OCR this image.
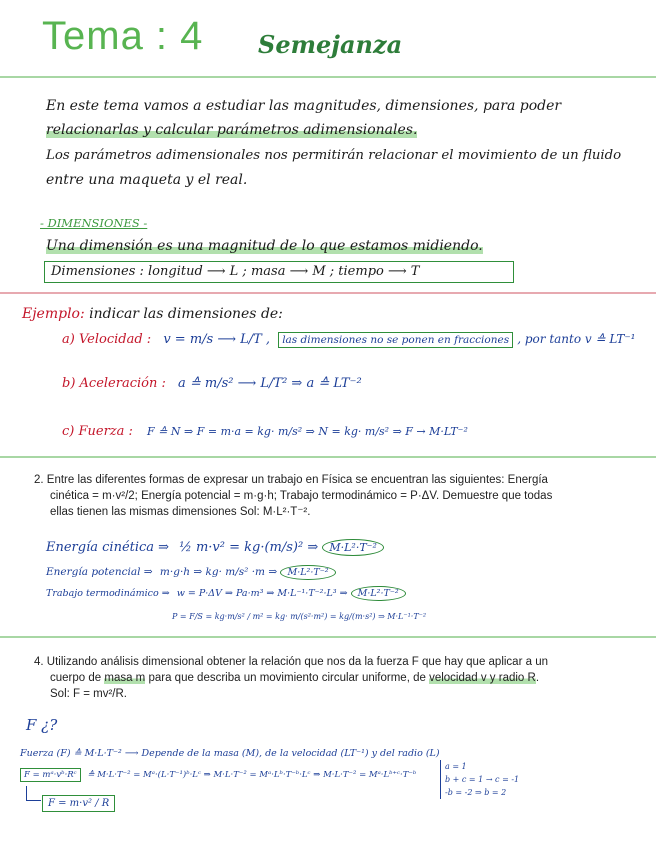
Tema : 4 Semejanza
En este tema vamos a estudiar las magnitudes, dimensiones, para poder
relacionarlas y calcular parámetros adimensionales.
Los parámetros adimensionales nos permitirán relacionar el movimiento de un fluido
entre una maqueta y el real.
- DIMENSIONES -
Una dimensión es una magnitud de lo que estamos midiendo.
Dimensiones : longitud ⟶ L ; masa ⟶ M ; tiempo ⟶ T
Ejemplo: indicar las dimensiones de:
a) Velocidad : v = m/s ⟶ L/T , las dimensiones no se ponen en fracciones , por tanto v ≙ LT⁻¹
b) Aceleración : a ≙ m/s² ⟶ L/T² ⇒ a ≙ LT⁻²
c) Fuerza : F ≙ N ⇒ F = m·a = kg· m/s² ⇒ N = kg· m/s² ⇒ F → M·LT⁻²
2. Entre las diferentes formas de expresar un trabajo en Física se encuentran las siguientes: Energía
cinética = m·v²/2; Energía potencial = m·g·h; Trabajo termodinámico = P·ΔV. Demuestre que todas
ellas tienen las mismas dimensiones Sol: M·L²·T⁻².
Energía cinética ⇒ ½ m·v² = kg·(m/s)² ⇒ M·L²·T⁻²
Energía potencial ⇒ m·g·h ⇒ kg· m/s² ·m ⇒ M·L²·T⁻²
Trabajo termodinámico ⇒ w = P·ΔV ⇒ Pa·m³ ⇒ M·L⁻¹·T⁻²·L³ ⇒ M·L²·T⁻²
P = F/S = kg·m/s² / m² = kg· m/(s²·m²) = kg/(m·s²) ⇒ M·L⁻¹·T⁻²
4. Utilizando análisis dimensional obtener la relación que nos da la fuerza F que hay que aplicar a un
cuerpo de masa m para que describa un movimiento circular uniforme, de velocidad v y radio R.
Sol: F = mv²/R.
F ¿?
Fuerza (F) ≙ M·L·T⁻² ⟶ Depende de la masa (M), de la velocidad (LT⁻¹) y del radio (L)
F = mᵃ·vᵇ·Rᶜ ≙ M·L·T⁻² = Mᵃ·(L·T⁻¹)ᵇ·Lᶜ ⇒ M·L·T⁻² = Mᵃ·Lᵇ·T⁻ᵇ·Lᶜ ⇒ M·L·T⁻² = Mᵃ·Lᵇ⁺ᶜ·T⁻ᵇ
a = 1
b + c = 1 → c = -1
-b = -2 ⇒ b = 2
F = m·v² / R
